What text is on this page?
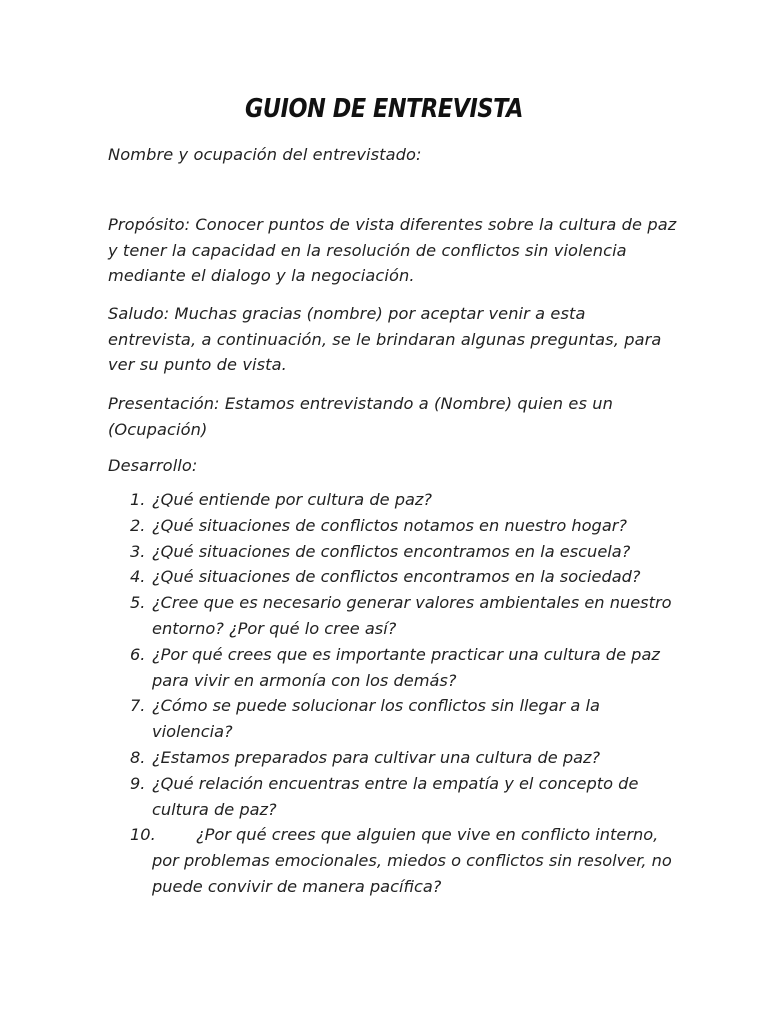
GUION DE ENTREVISTA
Nombre y ocupación del entrevistado:
Propósito: Conocer puntos de vista diferentes sobre la cultura de paz y tener la capacidad en la resolución de conflictos sin violencia mediante el dialogo y la negociación.
Saludo: Muchas gracias (nombre) por aceptar venir a esta entrevista, a continuación, se le brindaran algunas preguntas, para ver su punto de vista.
Presentación: Estamos entrevistando a (Nombre) quien es un (Ocupación)
Desarrollo:
1. ¿Qué entiende por cultura de paz?
2. ¿Qué situaciones de conflictos notamos en nuestro hogar?
3. ¿Qué situaciones de conflictos encontramos en la escuela?
4. ¿Qué situaciones de conflictos encontramos en la sociedad?
5. ¿Cree que es necesario generar valores ambientales en nuestro entorno? ¿Por qué lo cree así?
6. ¿Por qué crees que es importante practicar una cultura de paz para vivir en armonía con los demás?
7. ¿Cómo se puede solucionar los conflictos sin llegar a la violencia?
8. ¿Estamos preparados para cultivar una cultura de paz?
9. ¿Qué relación encuentras entre la empatía y el concepto de cultura de paz?
10. ¿Por qué crees que alguien que vive en conflicto interno, por problemas emocionales, miedos o conflictos sin resolver, no puede convivir de manera pacífica?
